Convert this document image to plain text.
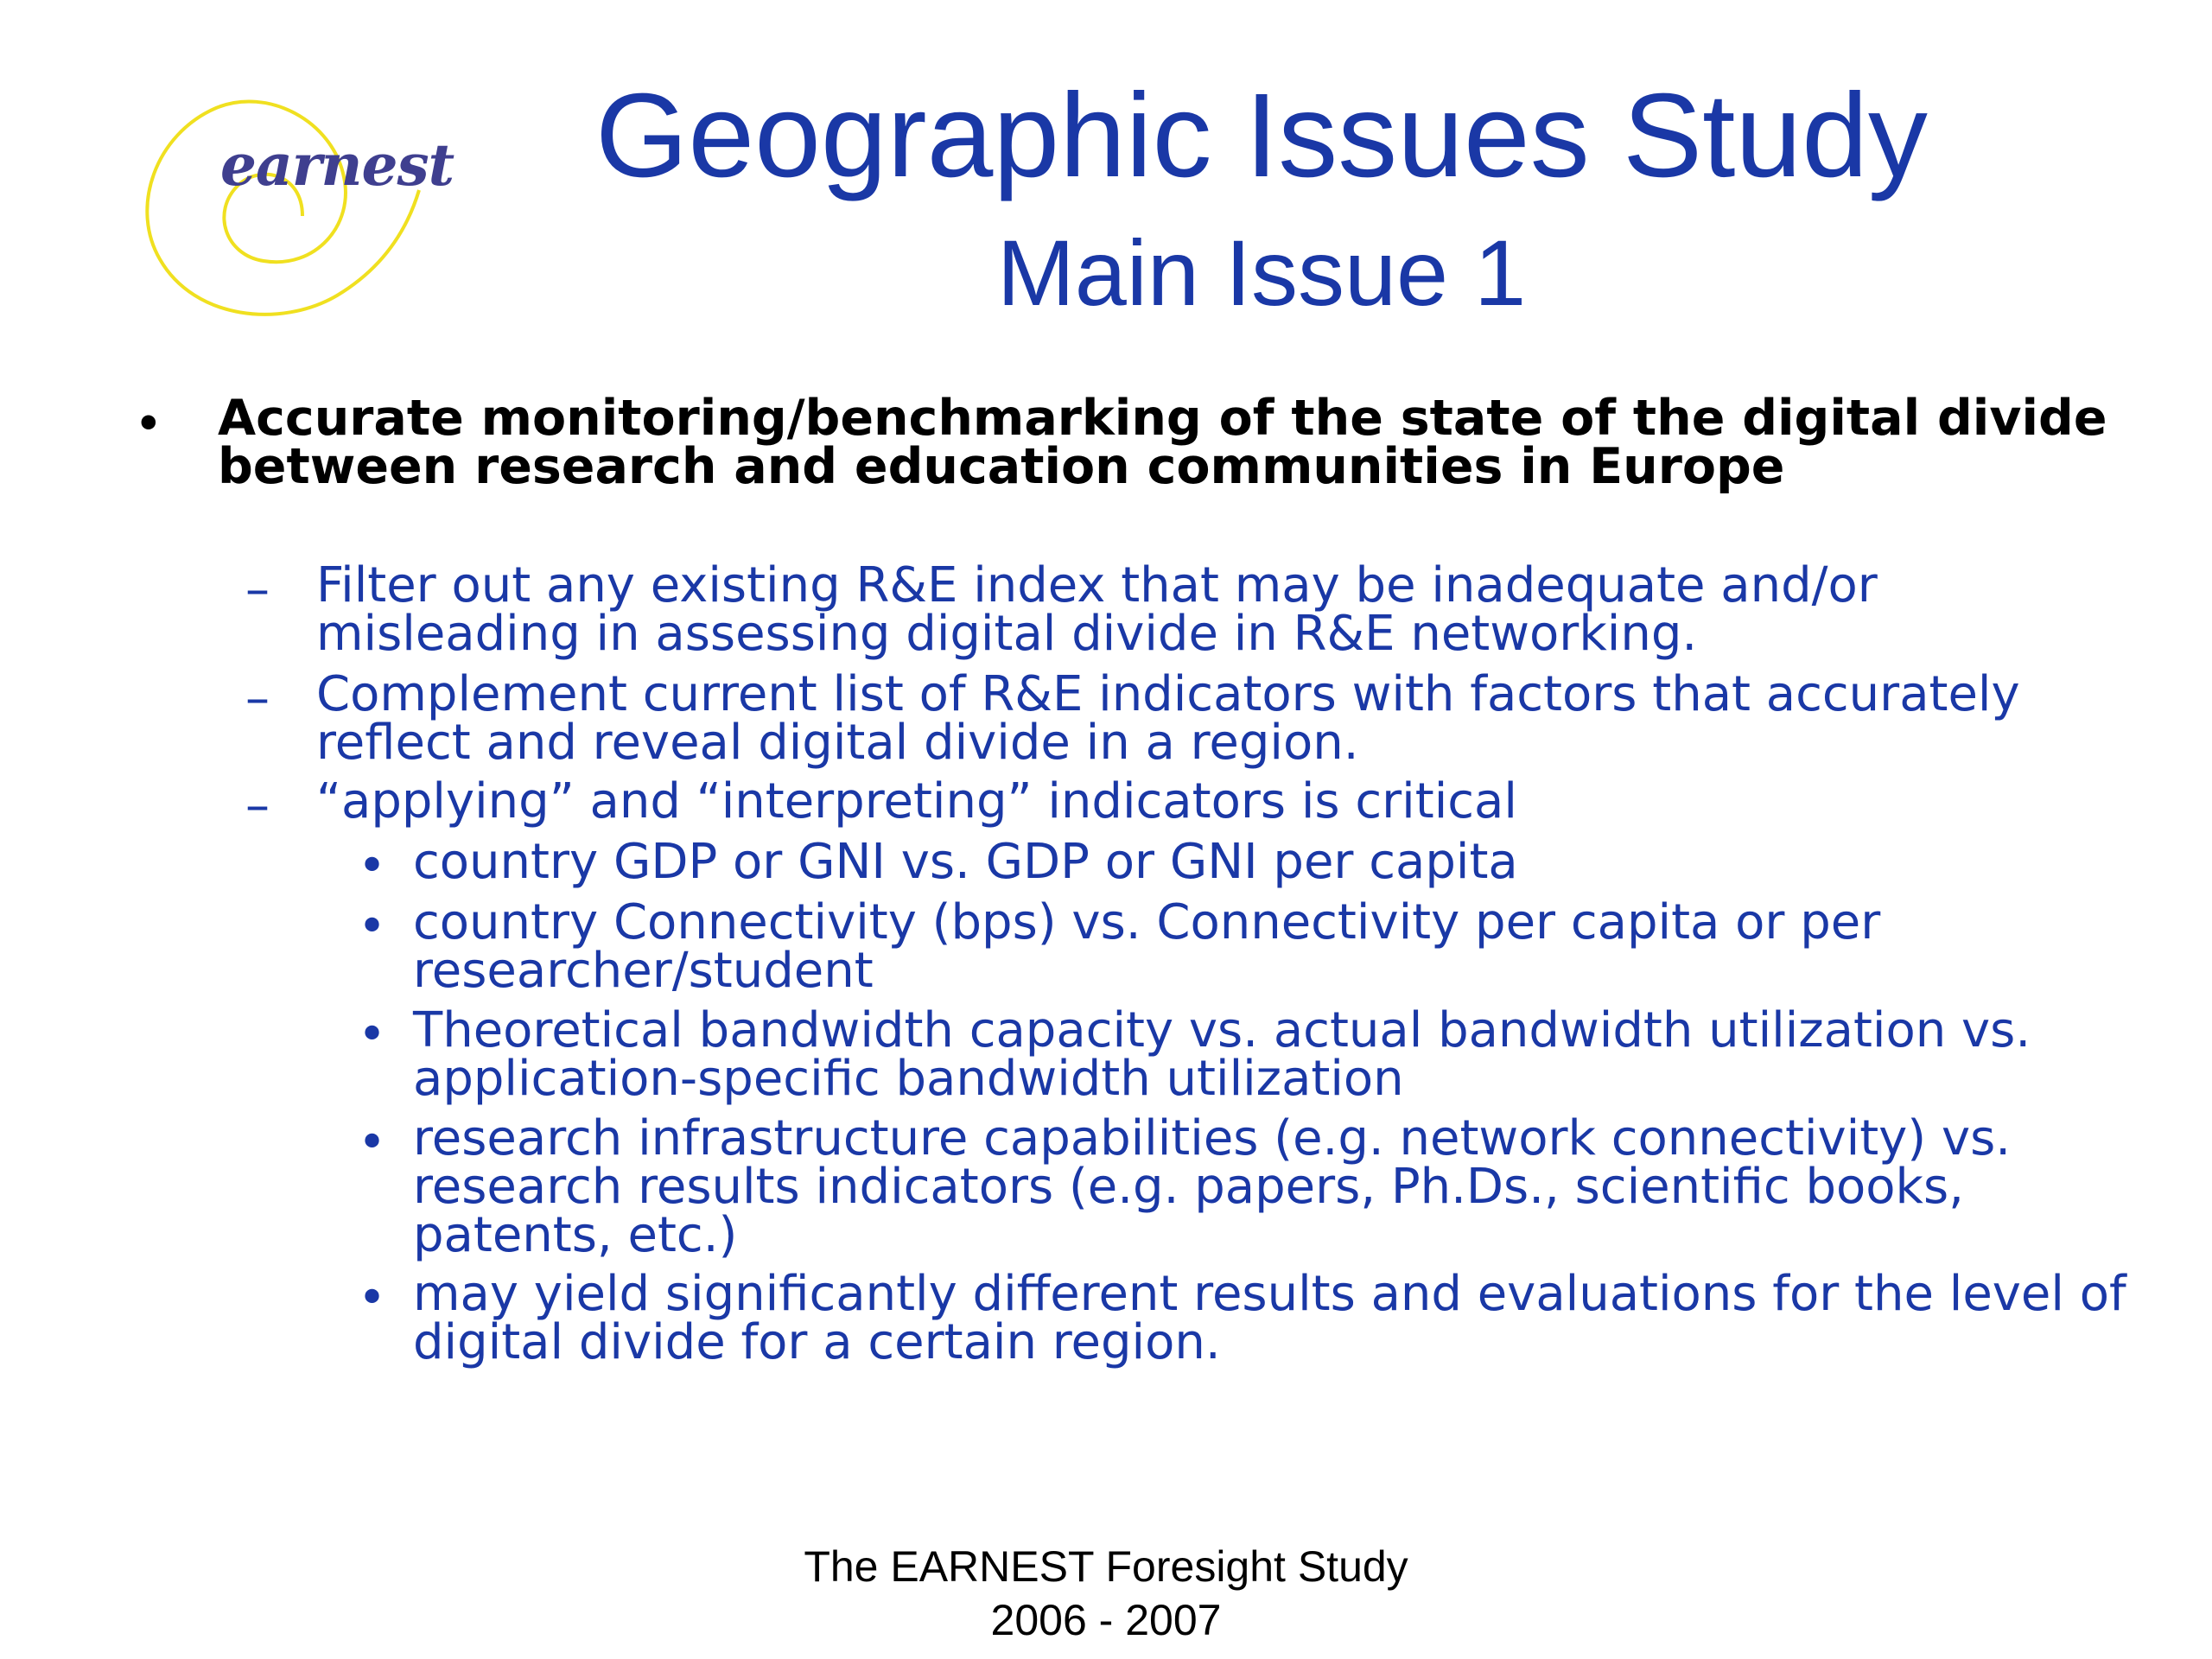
earnest	Geographic Issues Study
Main Issue 1
• Accurate monitoring/benchmarking of the state of the digital divide between research and education communities in Europe
– Filter out any existing R&E index that may be inadequate and/or misleading in assessing digital divide in R&E networking.
– Complement current list of R&E indicators with factors that accurately reflect and reveal digital divide in a region.
– “applying” and “interpreting” indicators is critical
• country GDP or GNI vs. GDP or GNI per capita
• country Connectivity (bps) vs. Connectivity per capita or per researcher/student
• Theoretical bandwidth capacity vs. actual bandwidth utilization vs. application-specific bandwidth utilization
• research infrastructure capabilities (e.g. network connectivity) vs. research results indicators (e.g. papers, Ph.Ds., scientific books, patents, etc.)
• may yield significantly different results and evaluations for the level of digital divide for a certain region.
The EARNEST Foresight Study
2006 - 2007
